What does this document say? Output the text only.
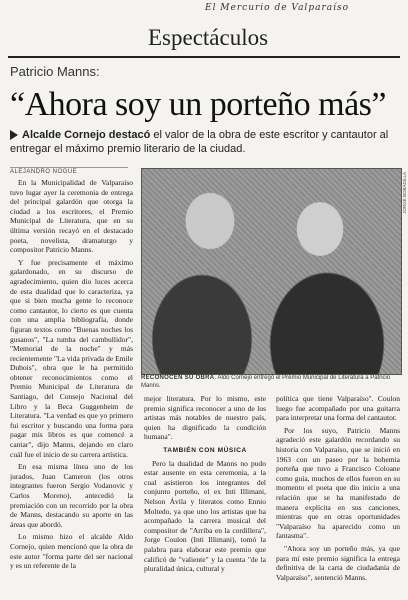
El Mercurio de Valparaíso
Espectáculos
Patricio Manns:
“Ahora soy un porteño más”
Alcalde Cornejo destacó el valor de la obra de este escritor y cantautor al entregar el máximo premio literario de la ciudad.
ALEJANDRO NOGUE

En la Municipalidad de Valparaíso tuvo lugar ayer la ceremonia de entrega del principal galardón que otorga la ciudad a los escritores, el Premio Municipal de Literatura, que en su última versión recayó en el destacado poeta, novelista, dramaturgo y compositor Patricio Manns.

Y fue precisamente el máximo galardonado, en su discurso de agradecimiento, quien dio luces acerca de esta dualidad que lo caracteriza, ya que si bien mucha gente lo reconoce como cantautor, lo cierto es que cuenta con una amplia bibliografía, donde figuran textos como "Buenas noches los gusanos", "La tumba del cambullidor", "Memorial de la noche" y más recientemente "La vida privada de Emile Dubois", obra que le ha permitido obtener reconocimientos como el Premio Municipal de Literatura de Santiago, del Consejo Nacional del Libro y la Beca Guggenheim de Literatura. "La verdad es que yo primero fui escritor y buscando una forma para pagar mis libros es que comencé a cantar", dijo Manns, dejando en claro cuál fue el inicio de su carrera artística.

En esa misma línea uno de los jurados, Juan Cameron (los otros integrantes fueron Sergio Vodanovic y Carlos Moreno), antecedió la premiación con un recorrido por la obra de Manns, destacando su aporte en las áreas que abordó.

Lo mismo hizo el alcalde Aldo Cornejo, quien mencionó que la obra de este autor "forma parte del ser nacional y es un referente de la

JORGE BOBADILLA
RECONOCEN SU OBRA. Aldo Cornejo entregó el Premio Municipal de Literatura a Patricio Manns.

mejor literatura. Por lo mismo, este premio significa reconocer a uno de los artistas más notables de nuestro país, quien ha dignificado la condición humana".

TAMBIÉN CON MÚSICA

Pero la dualidad de Manns no pudo estar ausente en esta ceremonia, a la cual asistieron los integrantes del conjunto porteño, el ex Inti Illimani, Nelson Ávila y literatos como Ennio Moltedo, ya que uno los artistas que ha acompañado la carrera musical del compositor de "Arriba en la cordillera", Jorge Coulon (Inti Illimani), tomó la palabra para elaborar este premio que calificó de "valiente" y la cuenta "de la pluralidad única, cultural y

política que tiene Valparaíso". Coulon luego fue acompañado por una guitarra para interpretar una forma del cantautor.

Por los suyo, Patricio Manns agradeció este galardón recordando su historia con Valparaíso, que se inició en 1963 con un paseo por la bohemia porteña que tuvo a Francisco Coloane como guía, muchos de ellos fueron en su momento el poeta que dio inicio a una relación que se ha manifestado de manera explícita en sus canciones, mientras que en otras oportunidades "Valparaíso ha aparecido como un fantasma".

"Ahora soy un porteño más, ya que para mí este premio significa la entrega definitiva de la carta de ciudadanía de Valparaíso", sentenció Manns.
